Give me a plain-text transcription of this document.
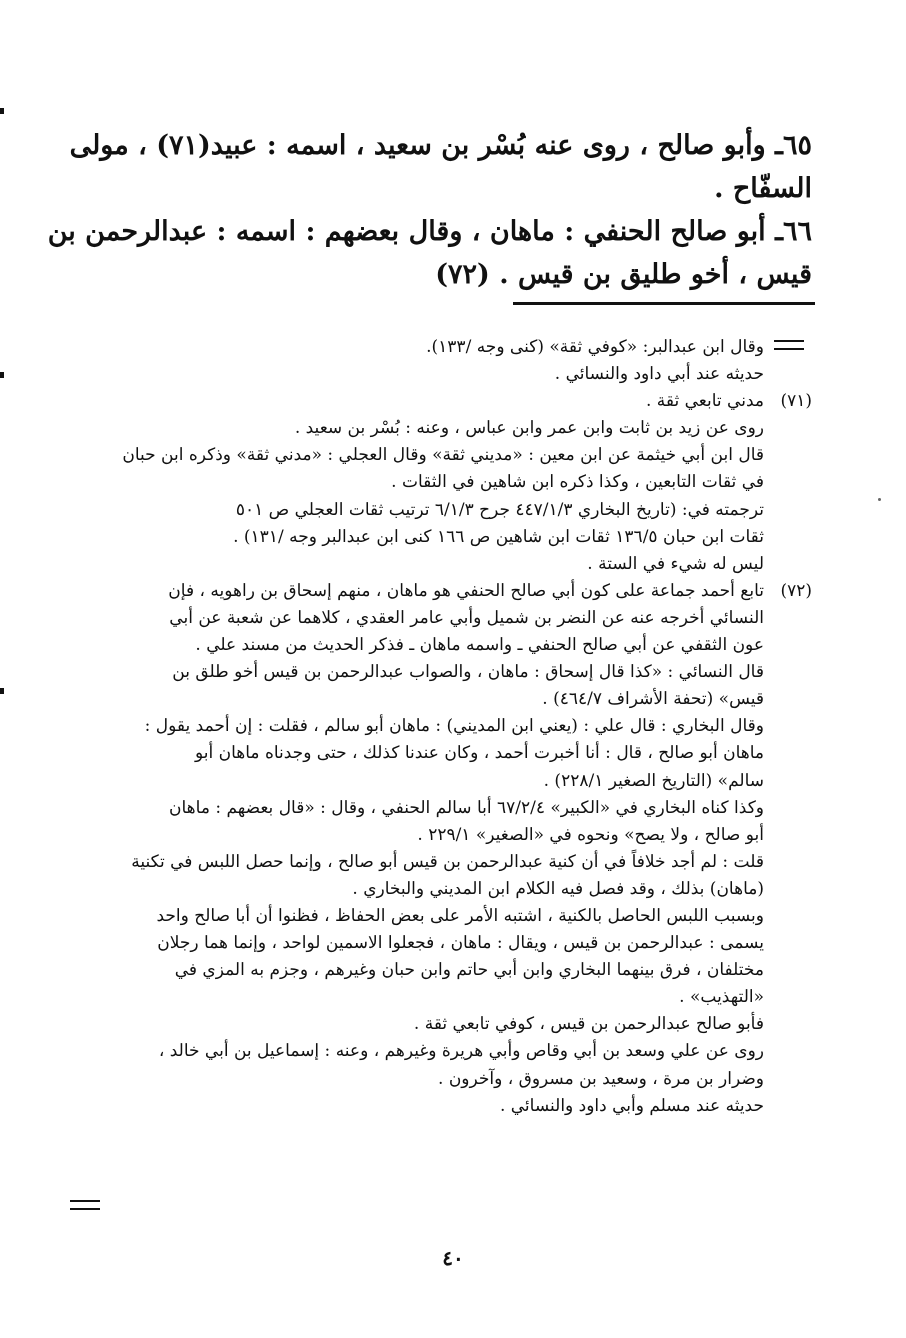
٦٥ـ وأبو صالح ، روى عنه بُسْر بن سعيد ، اسمه : عبيد(٧١) ، مولى
السفّاح .
٦٦ـ أبو صالح الحنفي : ماهان ، وقال بعضهم : اسمه : عبدالرحمن بن
قيس ، أخو طليق بن قيس . (٧٢)
وقال ابن عبدالبر: «كوفي ثقة» (كنى وجه /١٣٣).
حديثه عند أبي داود والنسائي .
(٧١)
مدني تابعي ثقة .
روى عن زيد بن ثابت وابن عمر وابن عباس ، وعنه : بُسْر بن سعيد .
قال ابن أبي خيثمة عن ابن معين : «مديني ثقة» وقال العجلي : «مدني ثقة» وذكره ابن حبان
في ثقات التابعين ، وكذا ذكره ابن شاهين في الثقات .
ترجمته في: (تاريخ البخاري ٤٤٧/١/٣ جرح ٦/١/٣ ترتيب ثقات العجلي ص ٥٠١
ثقات ابن حبان ١٣٦/٥ ثقات ابن شاهين ص ١٦٦ كنى ابن عبدالبر وجه /١٣١) .
ليس له شيء في الستة .
(٧٢)
تابع أحمد جماعة على كون أبي صالح الحنفي هو ماهان ، منهم إسحاق بن راهويه ، فإن
النسائي أخرجه عنه عن النضر بن شميل وأبي عامر العقدي ، كلاهما عن شعبة عن أبي
عون الثقفي عن أبي صالح الحنفي ـ واسمه ماهان ـ فذكر الحديث من مسند علي .
قال النسائي : «كذا قال إسحاق : ماهان ، والصواب عبدالرحمن بن قيس أخو طلق بن
قيس» (تحفة الأشراف ٤٦٤/٧) .
وقال البخاري : قال علي : (يعني ابن المديني) : ماهان أبو سالم ، فقلت : إن أحمد يقول :
ماهان أبو صالح ، قال : أنا أخبرت أحمد ، وكان عندنا كذلك ، حتى وجدناه ماهان أبو
سالم» (التاريخ الصغير ٢٢٨/١) .
وكذا كناه البخاري في «الكبير» ٦٧/٢/٤ أبا سالم الحنفي ، وقال : «قال بعضهم : ماهان
أبو صالح ، ولا يصح» ونحوه في «الصغير» ٢٢٩/١ .
قلت : لم أجد خلافاً في أن كنية عبدالرحمن بن قيس أبو صالح ، وإنما حصل اللبس في تكنية
(ماهان) بذلك ، وقد فصل فيه الكلام ابن المديني والبخاري .
وبسبب اللبس الحاصل بالكنية ، اشتبه الأمر على بعض الحفاظ ، فظنوا أن أبا صالح واحد
يسمى : عبدالرحمن بن قيس ، ويقال : ماهان ، فجعلوا الاسمين لواحد ، وإنما هما رجلان
مختلفان ، فرق بينهما البخاري وابن أبي حاتم وابن حبان وغيرهم ، وجزم به المزي في
«التهذيب» .
فأبو صالح عبدالرحمن بن قيس ، كوفي تابعي ثقة .
روى عن علي وسعد بن أبي وقاص وأبي هريرة وغيرهم ، وعنه : إسماعيل بن أبي خالد ،
وضرار بن مرة ، وسعيد بن مسروق ، وآخرون .
حديثه عند مسلم وأبي داود والنسائي .
٤٠
